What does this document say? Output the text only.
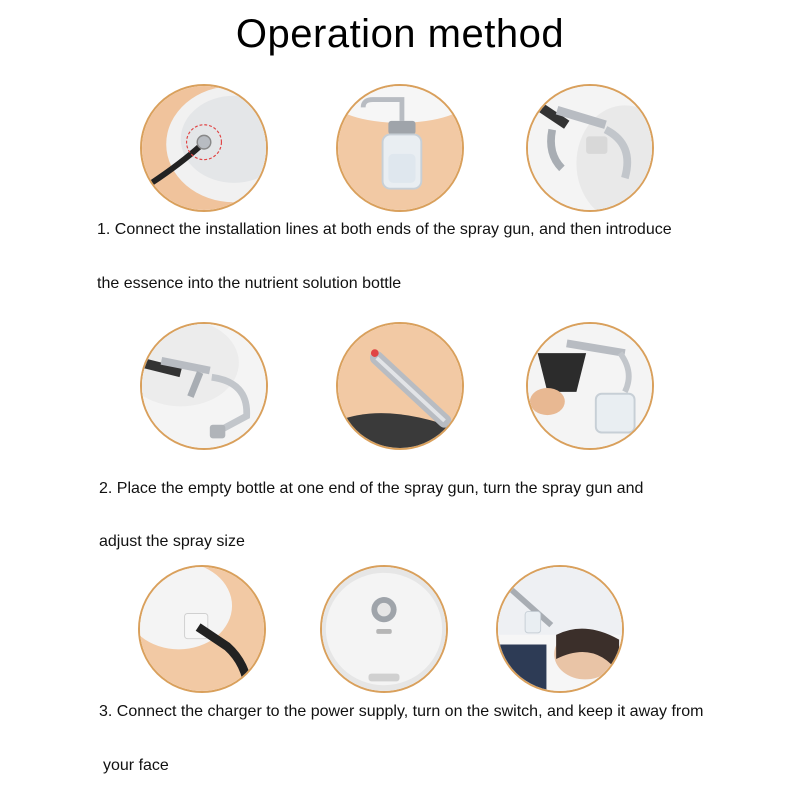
Operation method
1. Connect the installation lines at both ends of the spray gun, and then introduce
the essence into the nutrient solution bottle
2. Place the empty bottle at one end of the spray gun, turn the spray gun and
adjust the spray size
3. Connect the charger to the power supply, turn on the switch, and keep it away from
your face
